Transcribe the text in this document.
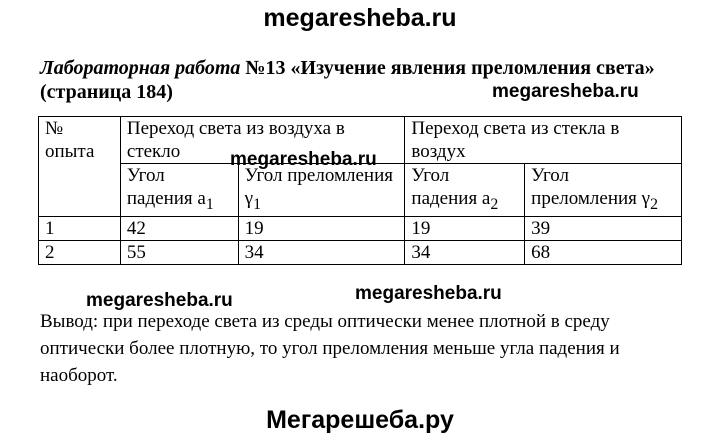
megaresheba.ru

Лабораторная работа №13 «Изучение явления преломления света» (страница 184)	megaresheba.ru
№ опыта	Переход света из воздуха в стекло		Переход света из стекла в воздух	
	Угол падения $a_1$	Угол преломления $\gamma_1$	Угол падения $a_2$	Угол преломления $\gamma_2$
1	42	19	19	39
2	55	34	34	68
megaresheba.ru
megaresheba.ru
megaresheba.ru

Вывод: при переходе света из среды оптически менее плотной в среду оптически более плотную, то угол преломления меньше угла падения и наоборот.

Мегарешеба.ру
